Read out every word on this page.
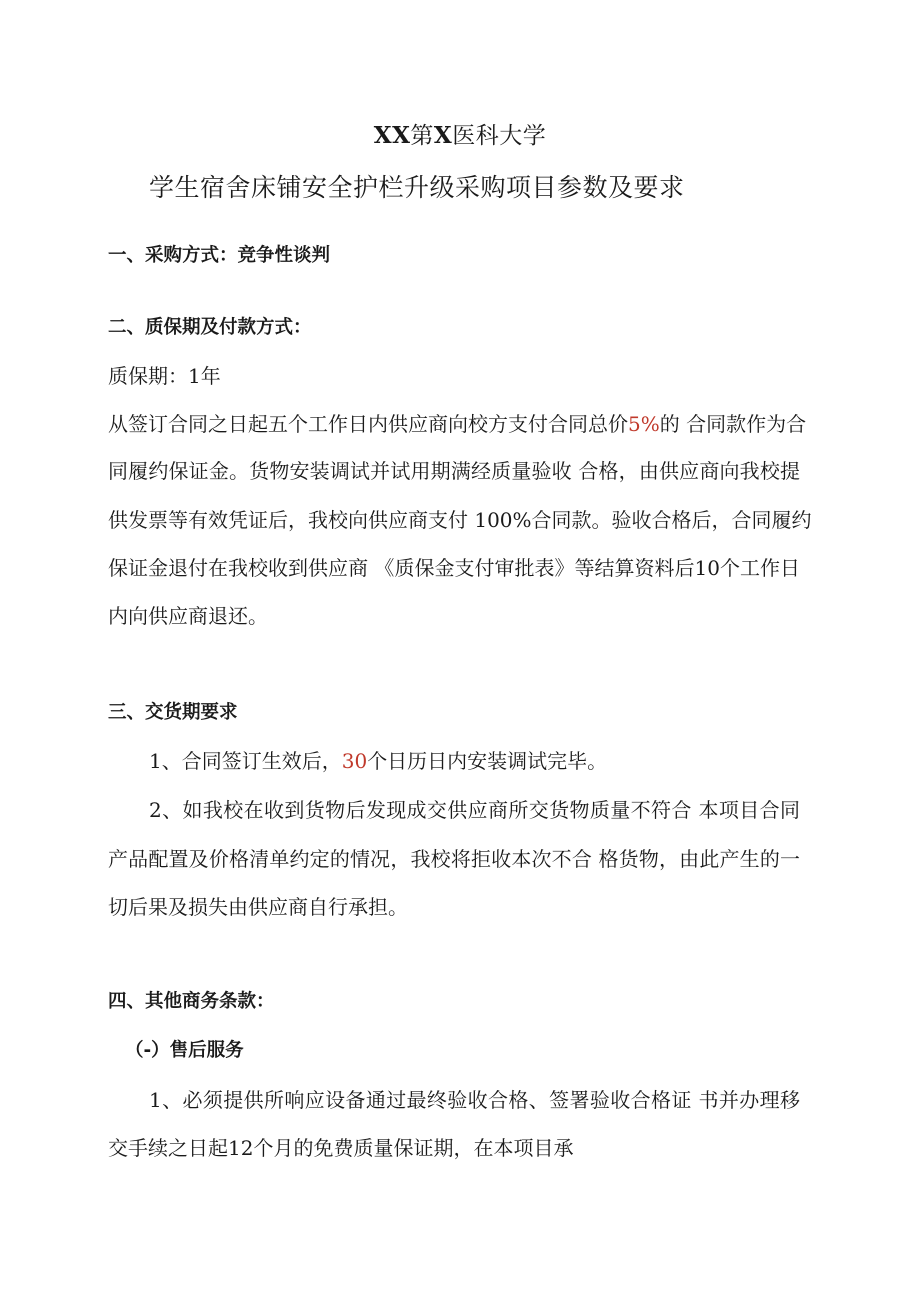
XX第X医科大学
学生宿舍床铺安全护栏升级采购项目参数及要求
一、采购方式：竞争性谈判
二、质保期及付款方式：
质保期：1年
从签订合同之日起五个工作日内供应商向校方支付合同总价5%的 合同款作为合
同履约保证金。货物安装调试并试用期满经质量验收 合格，由供应商向我校提
供发票等有效凭证后，我校向供应商支付 100%合同款。验收合格后，合同履约
保证金退付在我校收到供应商 《质保金支付审批表》等结算资料后10个工作日
内向供应商退还。
三、交货期要求
1、合同签订生效后，30个日历日内安装调试完毕。
2、如我校在收到货物后发现成交供应商所交货物质量不符合 本项目合同
产品配置及价格清单约定的情况，我校将拒收本次不合 格货物，由此产生的一
切后果及损失由供应商自行承担。
四、其他商务条款：
（-）售后服务
1、必须提供所响应设备通过最终验收合格、签署验收合格证 书并办理移
交手续之日起12个月的免费质量保证期，在本项目承
